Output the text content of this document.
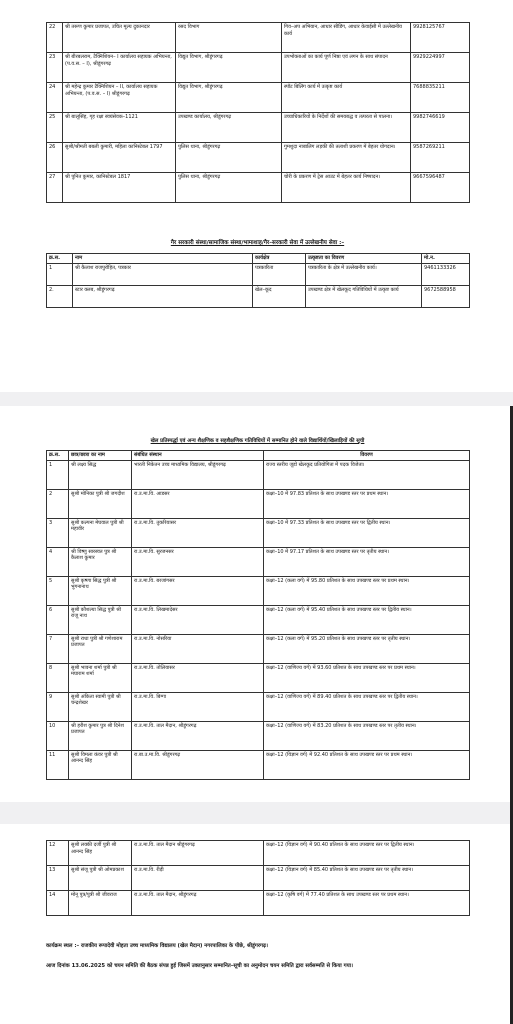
22	श्री तरूण कुमार प्रजापत, उचित मूल्य दुकानदार	रसद विभाग	गिव–अप अभियान, आधार सीडिंग, आधार केवाईसी में उल्लेखनीय कार्य	9928125767
23	श्री बीरबलराम, टैक्निशियन– I कार्यालय सहायक अभियन्ता, (प.व.स. – I), श्रीडूंगरगढ़	विद्युत विभाग, श्रीडूंगरगढ़	उपभोक्ताओं का कार्य पूर्ण निष्ठा एवं लगन के साथ संपादन	9929224997
24	श्री महेन्द्र कुमार टैक्निशियन – II, कार्यालय सहायक अभियन्ता, (प.व.स. – I) श्रीडूंगरगढ़	विद्युत विभाग, श्रीडूंगरगढ़	स्पॉट बिलिंग कार्य में उत्कृष्ट कार्य	7688835211
25	श्री बालूसिंह, गृह रक्षा स्वयंसेवक–1121	उपखण्ड कार्यालय, श्रीडूंगरगढ़	उच्चाधिकारियों के निर्देशों की समयबद्ध व तत्परता से पालना।	9982746619
26	सुश्री/श्रीमती बबली कुमारी, महिला कानिस्टेबल 1797	पुलिस थाना, श्रीडूंगरगढ़	गुमशुदा नाबालिग लड़की की तलाशी प्रकरण में बेहतर योगदान।	9587269211
27	श्री पुनित कुमार, कानिस्टेबल 1817	पुलिस थाना, श्रीडूंगरगढ़	चोरी के प्रकरण में ट्रेस आउट में बेहतर कार्य निष्पादन।	9667596487
गैर सरकारी संस्था/सामाजिक संस्था/भामाशाह/गैर–सरकारी सेवा में उल्लेखनीय सेवा :–
क्र.स.	नाम	कार्यक्षेत्र	उत्कृष्टता का विवरण	मो.न.
1	श्री कैलाश राजपुरोहित, पत्रकार	पत्रकारिता	पत्रकारिता के क्षेत्र में उल्लेखनीय कार्य।	9461133326
2.	स्टार क्लब, श्रीडूंगरगढ़	खेल–कूद	उपखण्ड क्षेत्र में खेलकूद गतिविधियों में उत्कृष्ट कार्य	9672588958
खेल प्रतिस्पर्द्धा एवं अन्य शैक्षणिक व सहशैक्षणिक गतिविधियों में सम्मानित होने वाले विद्यार्थियों/खिलाड़ियों की सूची
क्र.स.	छात्र/छात्रा का नाम	संबंधित संस्थान	विवरण
1	श्री लक्ष्य सिद्ध	भारती निकेतन उच्च माध्यमिक विद्यालय, श्रीडूंगरगढ़	राज्य स्तरीय जूडो खेलकूद प्रतियोगिता में पदक विजेता।
2	सुश्री मोनिका पुत्री श्री जगदीश	रा.उ.मा.वि. आडसर	कक्षा–10 में 97.83 प्रतिशत के साथ उपखण्ड स्तर पर प्रथम स्थान।
3	सुश्री कल्पना मेघवाल पुत्री श्री महावीर	रा.उ.मा.वि. तुकरियासर	कक्षा–10 में 97.33 प्रतिशत के साथ उपखण्ड स्तर पर द्वितीय स्थान।
4	श्री विष्णु सारस्वत पुत्र श्री कैलाश कुमार	रा.उ.मा.वि. सुरजनसर	कक्षा–10 में 97.17 प्रतिशत के साथ उपखण्ड स्तर पर तृतीय स्थान।
5	सुश्री कृष्णा सिद्ध पुत्री श्री भुगनानाथ	रा.उ.मा.वि. बरजांगसर	कक्षा–12 (कला वर्ग) में 95.80 प्रतिशत के साथ उपखण्ड स्तर पर प्रथम स्थान।
6	सुश्री कौशल्या सिद्ध पुत्री श्री राजू नाथ	रा.उ.मा.वि. लिखमादेसर	कक्षा–12 (कला वर्ग) में 95.40 प्रतिशत के साथ उपखण्ड स्तर पर द्वितीय स्थान।
7	सुश्री राधा पुत्री श्री गणेशाराम प्रजापत	रा.उ.मा.वि. नोसरिया	कक्षा–12 (कला वर्ग) में 95.20 प्रतिशत के साथ उपखण्ड स्तर पर तृतीय स्थान।
8	सुश्री भावना शर्मा पुत्री श्री मघाराम शर्मा	रा.उ.मा.वि. तोलियासर	कक्षा–12 (वाणिज्य वर्ग) में 93.60 प्रतिशत के साथ उपखण्ड स्तर पर प्रथम स्थान।
9	सुश्री अंकिता स्वामी पुत्री श्री चन्द्रशेखर	रा.उ.मा.वि. बिग्गा	कक्षा–12 (वाणिज्य वर्ग) में 89.40 प्रतिशत के साथ उपखण्ड स्तर पर द्वितीय स्थान।
10	श्री हरीश कुमार पुत्र श्री दिनेश प्रजापत	रा.उ.मा.वि. ताल मैदान, श्रीडूंगरगढ़	कक्षा–12 (वाणिज्य वर्ग) में 83.20 प्रतिशत के साथ उपखण्ड स्तर पर तृतीय स्थान।
11	सुश्री विमला कंवर पुत्री श्री आनन्द सिंह	रा.बा.उ.मा.वि. श्रीडूंगरगढ़	कक्षा–12 (विज्ञान वर्ग) में 92.40 प्रतिशत के साथ उपखण्ड स्तर पर प्रथम स्थान।
12	सुश्री लक्की दर्जी पुत्री श्री आनन्द सिंह	रा.उ.मा.वि. ताल मैदान श्रीडूंगरगढ़	कक्षा–12 (विज्ञान वर्ग) में 90.40 प्रतिशत के साथ उपखण्ड स्तर पर द्वितीय स्थान।
13	सुश्री संजू पुत्री श्री ओमप्रकाश	रा.उ.मा.वि. रीड़ी	कक्षा–12 (विज्ञान वर्ग) में 85.40 प्रतिशत के साथ उपखण्ड स्तर पर तृतीय स्थान।
14	मोनू पुत्र/पुत्री श्री जीवराज	रा.उ.मा.वि. ताल मैदान, श्रीडूंगरगढ़	कक्षा–12 (कृषि वर्ग) में 77.40 प्रतिशत के साथ उपखण्ड स्तर पर प्रथम स्थान।
कार्यक्रम स्थल :– राजकीय रूपादेवी मोहता उच्च माध्यमिक विद्यालय (खेल मैदान) नगरपालिका के पीछे, श्रीडूंगरगढ़।
आज दिनांक 13.06.2025 को चयन समिति की बैठक संपन्न हुई जिसमें उक्तानुसार सम्मानित–सूची का अनुमोदन चयन समिति द्वारा सर्वसम्मति से किया गया।
